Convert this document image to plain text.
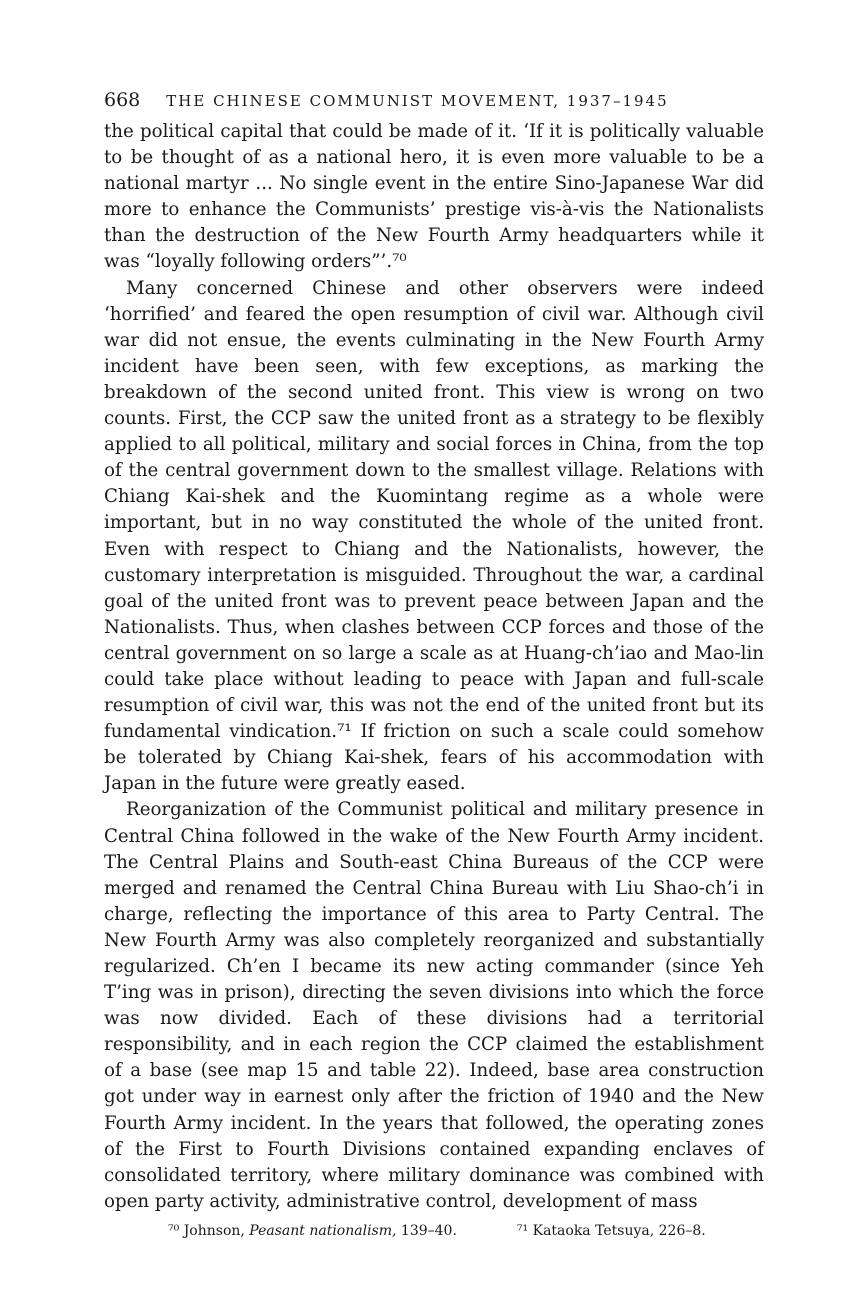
668 THE CHINESE COMMUNIST MOVEMENT, 1937–1945

the political capital that could be made of it. ‘If it is politically valuable to be thought of as a national hero, it is even more valuable to be a national martyr ... No single event in the entire Sino-Japanese War did more to enhance the Communists’ prestige vis-à-vis the Nationalists than the destruction of the New Fourth Army headquarters while it was “loyally following orders”’.⁷⁰

Many concerned Chinese and other observers were indeed ‘horrified’ and feared the open resumption of civil war. Although civil war did not ensue, the events culminating in the New Fourth Army incident have been seen, with few exceptions, as marking the breakdown of the second united front. This view is wrong on two counts. First, the CCP saw the united front as a strategy to be flexibly applied to all political, military and social forces in China, from the top of the central government down to the smallest village. Relations with Chiang Kai-shek and the Kuomintang regime as a whole were important, but in no way constituted the whole of the united front. Even with respect to Chiang and the Nationalists, however, the customary interpretation is misguided. Throughout the war, a cardinal goal of the united front was to prevent peace between Japan and the Nationalists. Thus, when clashes between CCP forces and those of the central government on so large a scale as at Huang-ch’iao and Mao-lin could take place without leading to peace with Japan and full-scale resumption of civil war, this was not the end of the united front but its fundamental vindication.⁷¹ If friction on such a scale could somehow be tolerated by Chiang Kai-shek, fears of his accommodation with Japan in the future were greatly eased.

Reorganization of the Communist political and military presence in Central China followed in the wake of the New Fourth Army incident. The Central Plains and South-east China Bureaus of the CCP were merged and renamed the Central China Bureau with Liu Shao-ch’i in charge, reflecting the importance of this area to Party Central. The New Fourth Army was also completely reorganized and substantially regularized. Ch’en I became its new acting commander (since Yeh T’ing was in prison), directing the seven divisions into which the force was now divided. Each of these divisions had a territorial responsibility, and in each region the CCP claimed the establishment of a base (see map 15 and table 22). Indeed, base area construction got under way in earnest only after the friction of 1940 and the New Fourth Army incident. In the years that followed, the operating zones of the First to Fourth Divisions contained expanding enclaves of consolidated territory, where military dominance was combined with open party activity, administrative control, development of mass

⁷⁰ Johnson, Peasant nationalism, 139–40.	⁷¹ Kataoka Tetsuya, 226–8.
